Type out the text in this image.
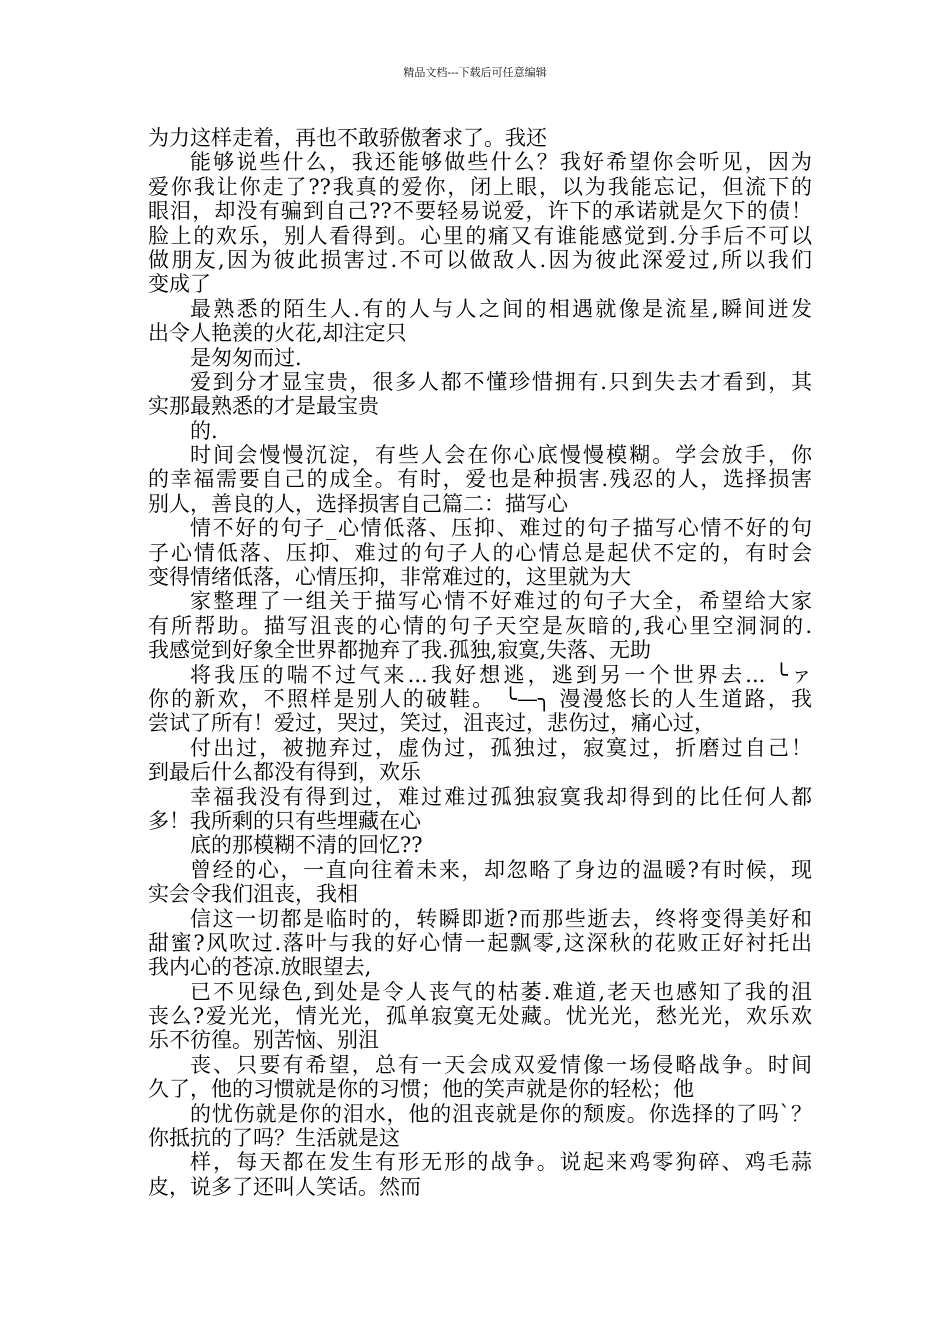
精品文档---下载后可任意编辑
为力这样走着，再也不敢骄傲奢求了。我还
能够说些什么，我还能够做些什么？我好希望你会听见，因为
爱你我让你走了??我真的爱你，闭上眼，以为我能忘记，但流下的
眼泪，却没有骗到自己??不要轻易说爱，许下的承诺就是欠下的债！
脸上的欢乐，别人看得到。心里的痛又有谁能感觉到.分手后不可以
做朋友,因为彼此损害过.不可以做敌人.因为彼此深爱过,所以我们
变成了
最熟悉的陌生人.有的人与人之间的相遇就像是流星,瞬间迸发
出令人艳羡的火花,却注定只
是匆匆而过.
爱到分才显宝贵，很多人都不懂珍惜拥有.只到失去才看到，其
实那最熟悉的才是最宝贵
的.
时间会慢慢沉淀，有些人会在你心底慢慢模糊。学会放手，你
的幸福需要自己的成全。有时，爱也是种损害.残忍的人，选择损害
别人，善良的人，选择损害自己篇二：描写心
情不好的句子_心情低落、压抑、难过的句子描写心情不好的句
子心情低落、压抑、难过的句子人的心情总是起伏不定的，有时会
变得情绪低落，心情压抑，非常难过的，这里就为大
家整理了一组关于描写心情不好难过的句子大全，希望给大家
有所帮助。描写沮丧的心情的句子天空是灰暗的,我心里空洞洞的.
我感觉到好象全世界都抛弃了我.孤独,寂寞,失落、无助
将我压的喘不过气来...我好想逃，逃到另一个世界去... ╰ァ
你的新欢，不照样是别人的破鞋。 ╰—╮ 漫漫悠长的人生道路，我
尝试了所有！爱过，哭过，笑过，沮丧过，悲伤过，痛心过，
付出过，被抛弃过，虚伪过，孤独过，寂寞过，折磨过自己！
到最后什么都没有得到，欢乐
幸福我没有得到过，难过难过孤独寂寞我却得到的比任何人都
多！我所剩的只有些埋藏在心
底的那模糊不清的回忆??
曾经的心，一直向往着未来，却忽略了身边的温暖?有时候，现
实会令我们沮丧，我相
信这一切都是临时的，转瞬即逝?而那些逝去，终将变得美好和
甜蜜?风吹过.落叶与我的好心情一起飘零,这深秋的花败正好衬托出
我内心的苍凉.放眼望去,
已不见绿色,到处是令人丧气的枯萎.难道,老天也感知了我的沮
丧么?爱光光，情光光，孤单寂寞无处藏。忧光光，愁光光，欢乐欢
乐不彷徨。别苦恼、别沮
丧、只要有希望，总有一天会成双爱情像一场侵略战争。时间
久了，他的习惯就是你的习惯；他的笑声就是你的轻松；他
的忧伤就是你的泪水，他的沮丧就是你的颓废。你选择的了吗`？
你抵抗的了吗？生活就是这
样，每天都在发生有形无形的战争。说起来鸡零狗碎、鸡毛蒜
皮，说多了还叫人笑话。然而
